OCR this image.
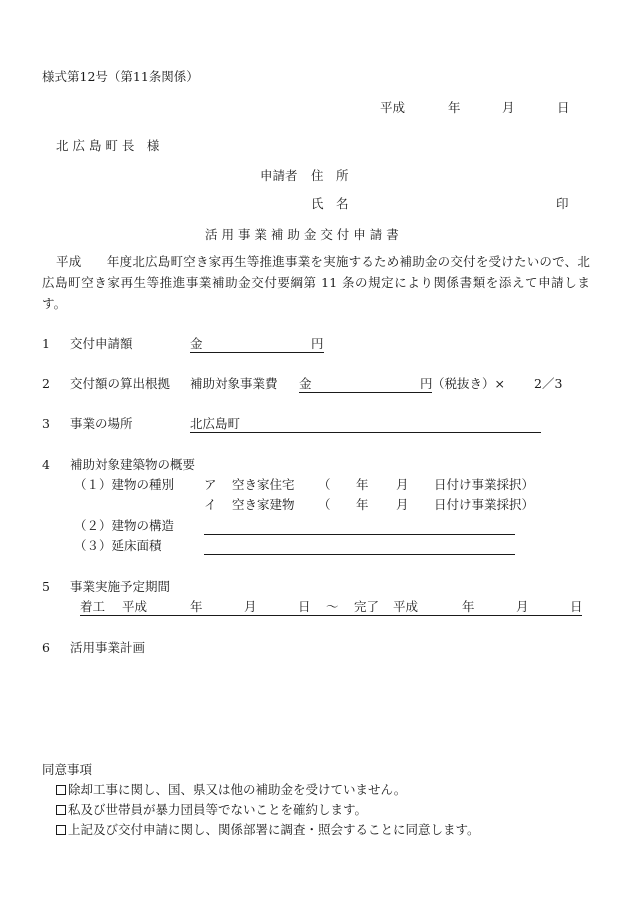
様式第12号（第11条関係）
平成	年	月	日
北 広 島 町 長　様
申請者 住　所
氏　名	印
活 用 事 業 補 助 金 交 付 申 請 書
平成　　年度北広島町空き家再生等推進事業を実施するため補助金の交付を受けたいので、北広島町空き家再生等推進事業補助金交付要綱第 11 条の規定により関係書類を添えて申請します。
1 交付申請額	金	円
2 交付額の算出根拠 補助対象事業費 金	円 （税抜き）× 2／3
3 事業の場所	北広島町
4 補助対象建築物の概要
（１）建物の種別 ア 空き家住宅 （ 年 月 日付け事業採択）
イ 空き家建物 （ 年 月 日付け事業採択）
（２）建物の構造
（３）延床面積
5 事業実施予定期間
着工 平成	年	月	日 ～ 完了 平成	年	月	日
6 活用事業計画
同意事項
除却工事に関し、国、県又は他の補助金を受けていません。
私及び世帯員が暴力団員等でないことを確約します。
上記及び交付申請に関し、関係部署に調査・照会することに同意します。
